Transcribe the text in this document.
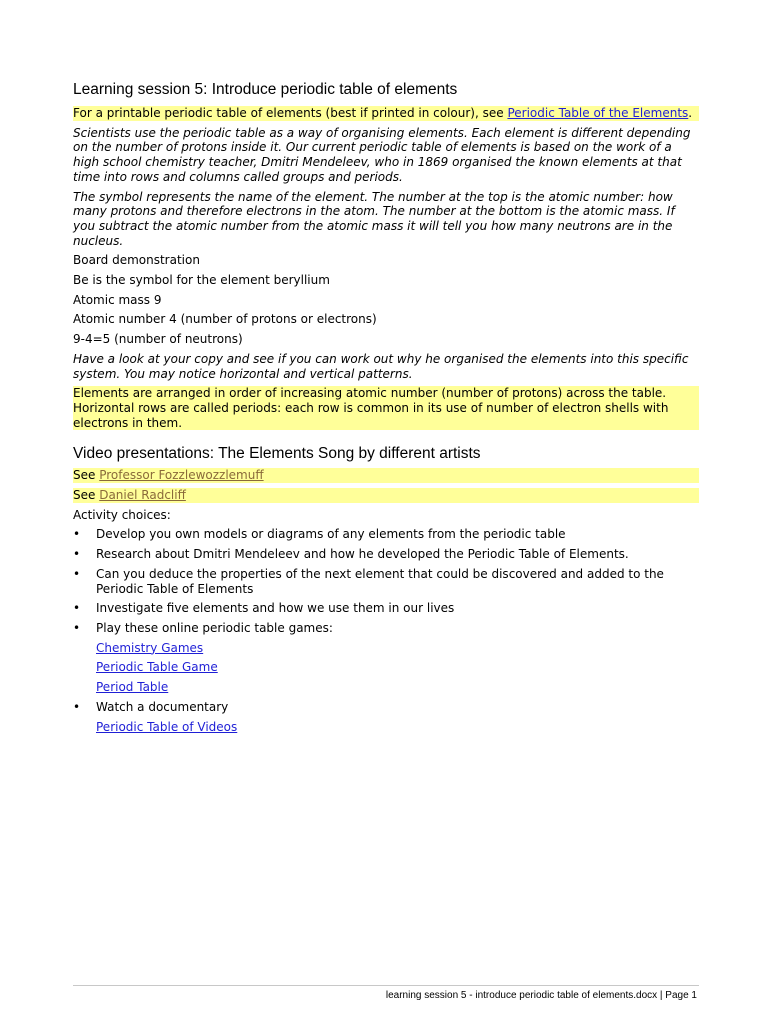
Learning session 5: Introduce periodic table of elements
For a printable periodic table of elements (best if printed in colour), see Periodic Table of the Elements.
Scientists use the periodic table as a way of organising elements. Each element is different depending on the number of protons inside it. Our current periodic table of elements is based on the work of a high school chemistry teacher, Dmitri Mendeleev, who in 1869 organised the known elements at that time into rows and columns called groups and periods.
The symbol represents the name of the element. The number at the top is the atomic number: how many protons and therefore electrons in the atom. The number at the bottom is the atomic mass. If you subtract the atomic number from the atomic mass it will tell you how many neutrons are in the nucleus.
Board demonstration
Be is the symbol for the element beryllium
Atomic mass 9
Atomic number 4 (number of protons or electrons)
9-4=5 (number of neutrons)
Have a look at your copy and see if you can work out why he organised the elements into this specific system. You may notice horizontal and vertical patterns.
Elements are arranged in order of increasing atomic number (number of protons) across the table. Horizontal rows are called periods: each row is common in its use of number of electron shells with electrons in them.
Video presentations: The Elements Song by different artists
See Professor Fozzlewozzlemuff
See Daniel Radcliff
Activity choices:
• Develop you own models or diagrams of any elements from the periodic table
• Research about Dmitri Mendeleev and how he developed the Periodic Table of Elements.
• Can you deduce the properties of the next element that could be discovered and added to the Periodic Table of Elements
• Investigate five elements and how we use them in our lives
• Play these online periodic table games:
Chemistry Games
Periodic Table Game
Period Table
• Watch a documentary
Periodic Table of Videos
learning session 5 - introduce periodic table of elements.docx | Page 1
